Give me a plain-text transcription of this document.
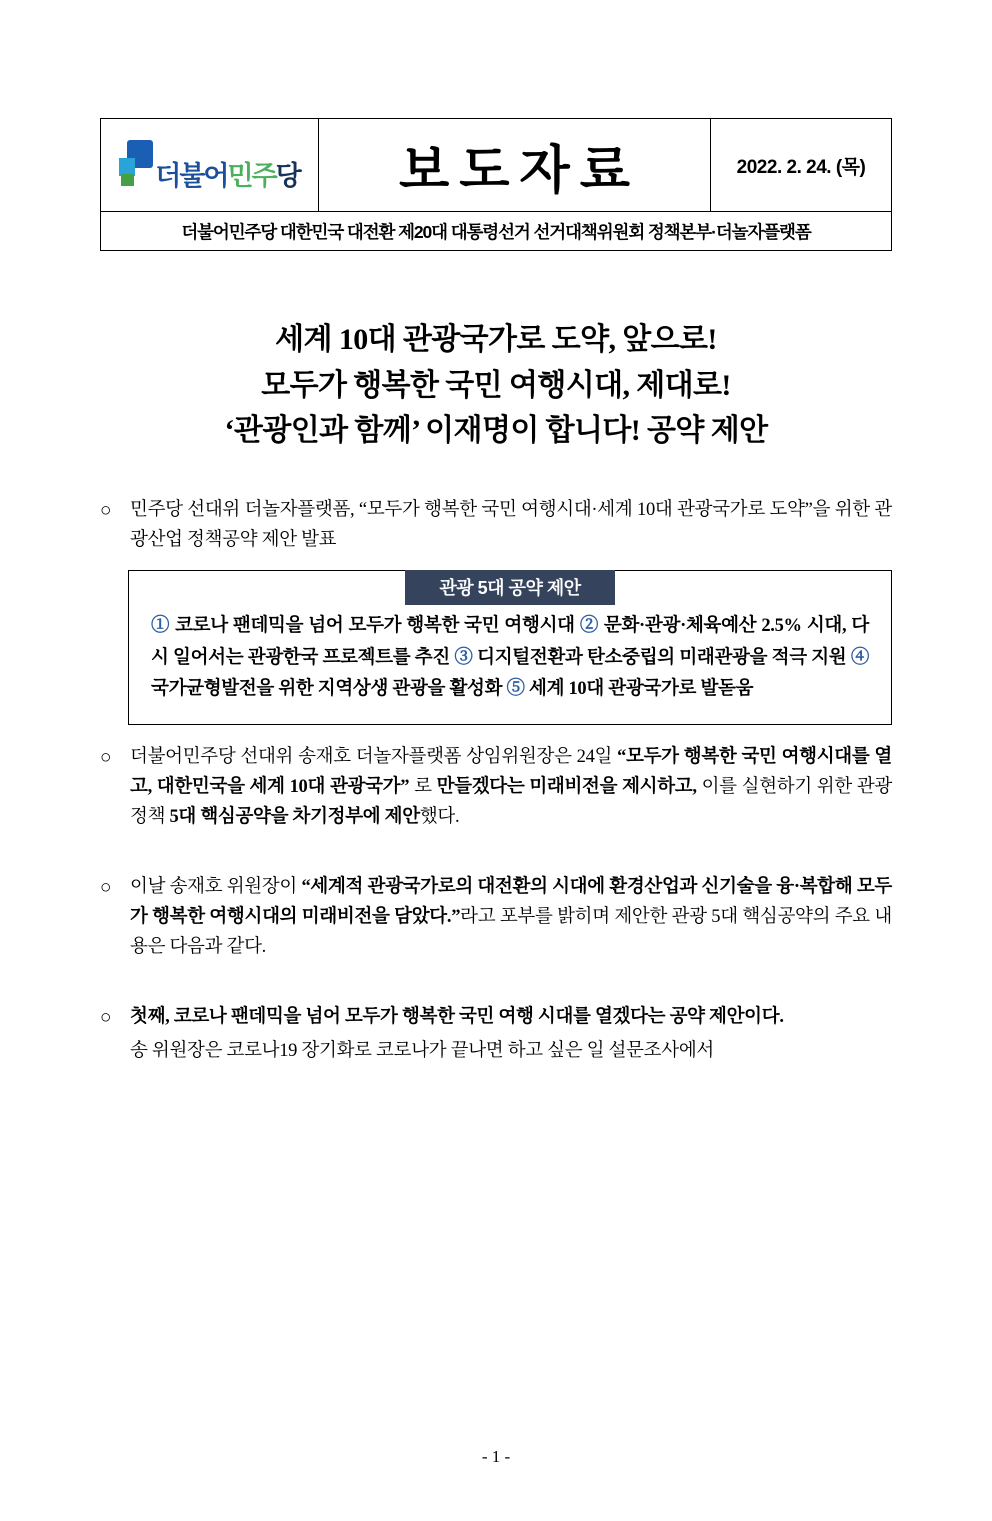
더불어민주당 보도자료	2022. 2. 24. (목)
더불어민주당 대한민국 대전환 제20대 대통령선거 선거대책위원회 정책본부·더놀자플랫폼
세계 10대 관광국가로 도약, 앞으로!
모두가 행복한 국민 여행시대, 제대로!
‘관광인과 함께’ 이재명이 합니다! 공약 제안
○	민주당 선대위 더놀자플랫폼, “모두가 행복한 국민 여행시대·세계 10대 관광국가로 도약”을 위한 관광산업 정책공약 제안 발표
관광 5대 공약 제안
① 코로나 팬데믹을 넘어 모두가 행복한 국민 여행시대 ② 문화·관광·체육예산 2.5% 시대, 다시 일어서는 관광한국 프로젝트를 추진 ③ 디지털전환과 탄소중립의 미래관광을 적극 지원 ④ 국가균형발전을 위한 지역상생 관광을 활성화 ⑤ 세계 10대 관광국가로 발돋움
○	더불어민주당 선대위 송재호 더놀자플랫폼 상임위원장은 24일 “모두가 행복한 국민 여행시대를 열고, 대한민국을 세계 10대 관광국가” 로 만들겠다는 미래비전을 제시하고, 이를 실현하기 위한 관광정책 5대 핵심공약을 차기정부에 제안했다.
○	이날 송재호 위원장이 “세계적 관광국가로의 대전환의 시대에 환경산업과 신기술을 융·복합해 모두가 행복한 여행시대의 미래비전을 담았다.”라고 포부를 밝히며 제안한 관광 5대 핵심공약의 주요 내용은 다음과 같다.
○	첫째, 코로나 팬데믹을 넘어 모두가 행복한 국민 여행 시대를 열겠다는 공약 제안이다.
송 위원장은 코로나19 장기화로 코로나가 끝나면 하고 싶은 일 설문조사에서
- 1 -
